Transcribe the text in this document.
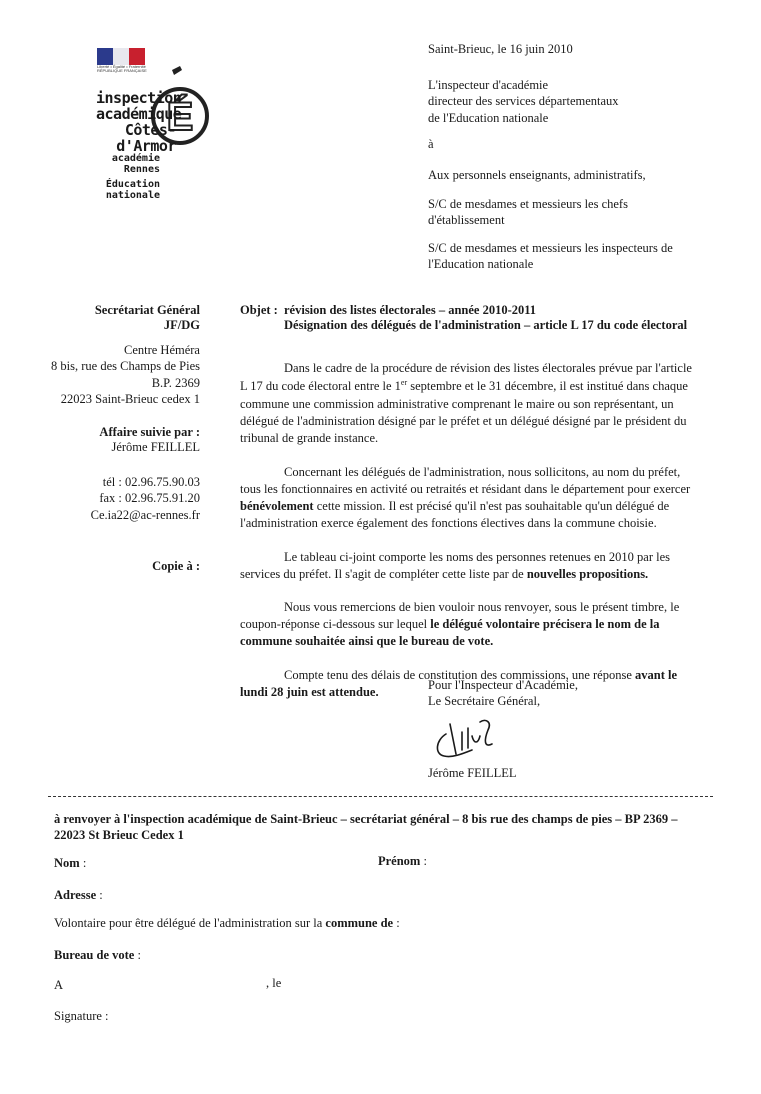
Liberté • Égalité • Fraternité
RÉPUBLIQUE FRANÇAISE
É
inspection
académique
Côtes-d'Armor
académie
Rennes
Éducation
nationale
Saint-Brieuc, le 16 juin 2010
L'inspecteur d'académie
directeur des services départementaux
de l'Education nationale
à
Aux personnels enseignants, administratifs,
S/C de mesdames et messieurs les chefs
d'établissement
S/C de mesdames et messieurs les inspecteurs de
l'Education nationale
Secrétariat Général
JF/DG
Centre Héméra
8 bis, rue des Champs de Pies
B.P. 2369
22023 Saint-Brieuc cedex 1
Affaire suivie par :
Jérôme FEILLEL
tél : 02.96.75.90.03
fax : 02.96.75.91.20
Ce.ia22@ac-rennes.fr
Copie à :
Objet : révision des listes électorales – année 2010-2011
Désignation des délégués de l'administration – article L 17 du code électoral
Dans le cadre de la procédure de révision des listes électorales prévue par l'article
L 17 du code électoral entre le 1er septembre et le 31 décembre, il est institué dans chaque
commune une commission administrative comprenant le maire ou son représentant, un
délégué de l'administration désigné par le préfet et un délégué désigné par le président du
tribunal de grande instance.
Concernant les délégués de l'administration, nous sollicitons, au nom du préfet,
tous les fonctionnaires en activité ou retraités et résidant dans le département pour exercer
bénévolement cette mission. Il est précisé qu'il n'est pas souhaitable qu'un délégué de
l'administration exerce également des fonctions électives dans la commune choisie.
Le tableau ci-joint comporte les noms des personnes retenues en 2010 par les
services du préfet. Il s'agit de compléter cette liste par de nouvelles propositions.
Nous vous remercions de bien vouloir nous renvoyer, sous le présent timbre, le
coupon-réponse ci-dessous sur lequel le délégué volontaire précisera le nom de la
commune souhaitée ainsi que le bureau de vote.
Compte tenu des délais de constitution des commissions, une réponse avant le
lundi 28 juin est attendue.	Pour l'Inspecteur d'Académie,
Le Secrétaire Général,
Jérôme FEILLEL
à renvoyer à l'inspection académique de Saint-Brieuc – secrétariat général – 8 bis rue des champs de pies – BP 2369 –
22023 St Brieuc Cedex 1
Nom :	Prénom :
Adresse :
Volontaire pour être délégué de l'administration sur la commune de :
Bureau de vote :
A	, le
Signature :
